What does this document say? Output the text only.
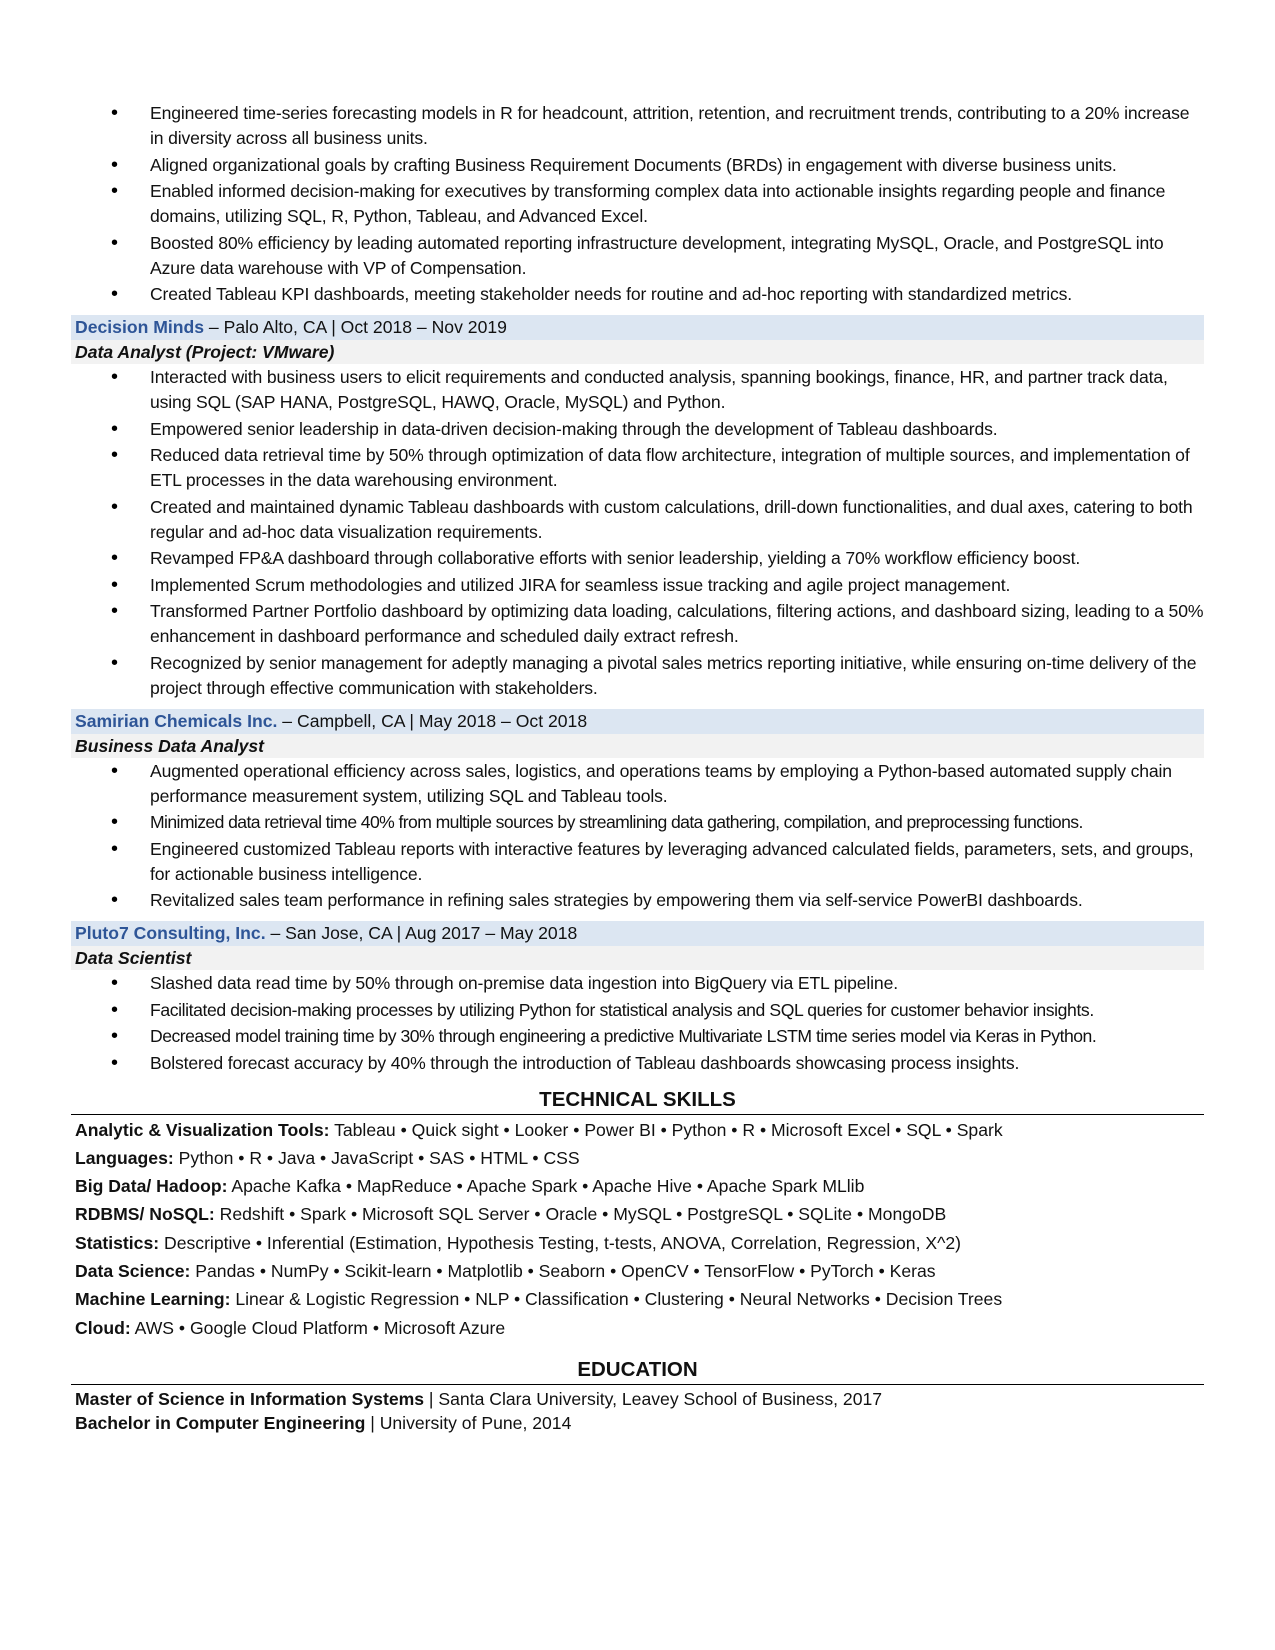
• Engineered time-series forecasting models in R for headcount, attrition, retention, and recruitment trends, contributing to a 20% increase in diversity across all business units.
• Aligned organizational goals by crafting Business Requirement Documents (BRDs) in engagement with diverse business units.
• Enabled informed decision-making for executives by transforming complex data into actionable insights regarding people and finance domains, utilizing SQL, R, Python, Tableau, and Advanced Excel.
• Boosted 80% efficiency by leading automated reporting infrastructure development, integrating MySQL, Oracle, and PostgreSQL into Azure data warehouse with VP of Compensation.
• Created Tableau KPI dashboards, meeting stakeholder needs for routine and ad-hoc reporting with standardized metrics.
Decision Minds – Palo Alto, CA | Oct 2018 – Nov 2019
Data Analyst (Project: VMware)
• Interacted with business users to elicit requirements and conducted analysis, spanning bookings, finance, HR, and partner track data, using SQL (SAP HANA, PostgreSQL, HAWQ, Oracle, MySQL) and Python.
• Empowered senior leadership in data-driven decision-making through the development of Tableau dashboards.
• Reduced data retrieval time by 50% through optimization of data flow architecture, integration of multiple sources, and implementation of ETL processes in the data warehousing environment.
• Created and maintained dynamic Tableau dashboards with custom calculations, drill-down functionalities, and dual axes, catering to both regular and ad-hoc data visualization requirements.
• Revamped FP&A dashboard through collaborative efforts with senior leadership, yielding a 70% workflow efficiency boost.
• Implemented Scrum methodologies and utilized JIRA for seamless issue tracking and agile project management.
• Transformed Partner Portfolio dashboard by optimizing data loading, calculations, filtering actions, and dashboard sizing, leading to a 50% enhancement in dashboard performance and scheduled daily extract refresh.
• Recognized by senior management for adeptly managing a pivotal sales metrics reporting initiative, while ensuring on-time delivery of the project through effective communication with stakeholders.
Samirian Chemicals Inc. – Campbell, CA | May 2018 – Oct 2018
Business Data Analyst
• Augmented operational efficiency across sales, logistics, and operations teams by employing a Python-based automated supply chain performance measurement system, utilizing SQL and Tableau tools.
• Minimized data retrieval time 40% from multiple sources by streamlining data gathering, compilation, and preprocessing functions.
• Engineered customized Tableau reports with interactive features by leveraging advanced calculated fields, parameters, sets, and groups, for actionable business intelligence.
• Revitalized sales team performance in refining sales strategies by empowering them via self-service PowerBI dashboards.
Pluto7 Consulting, Inc. – San Jose, CA | Aug 2017 – May 2018
Data Scientist
• Slashed data read time by 50% through on-premise data ingestion into BigQuery via ETL pipeline.
• Facilitated decision-making processes by utilizing Python for statistical analysis and SQL queries for customer behavior insights.
• Decreased model training time by 30% through engineering a predictive Multivariate LSTM time series model via Keras in Python.
• Bolstered forecast accuracy by 40% through the introduction of Tableau dashboards showcasing process insights.
TECHNICAL SKILLS
Analytic & Visualization Tools: Tableau • Quick sight • Looker • Power BI • Python • R • Microsoft Excel • SQL • Spark
Languages: Python • R • Java • JavaScript • SAS • HTML • CSS
Big Data/ Hadoop: Apache Kafka • MapReduce • Apache Spark • Apache Hive • Apache Spark MLlib
RDBMS/ NoSQL: Redshift • Spark • Microsoft SQL Server • Oracle • MySQL • PostgreSQL • SQLite • MongoDB
Statistics: Descriptive • Inferential (Estimation, Hypothesis Testing, t-tests, ANOVA, Correlation, Regression, X^2)
Data Science: Pandas • NumPy • Scikit-learn • Matplotlib • Seaborn • OpenCV • TensorFlow • PyTorch • Keras
Machine Learning: Linear & Logistic Regression • NLP • Classification • Clustering • Neural Networks • Decision Trees
Cloud: AWS • Google Cloud Platform • Microsoft Azure
EDUCATION
Master of Science in Information Systems | Santa Clara University, Leavey School of Business, 2017
Bachelor in Computer Engineering | University of Pune, 2014
